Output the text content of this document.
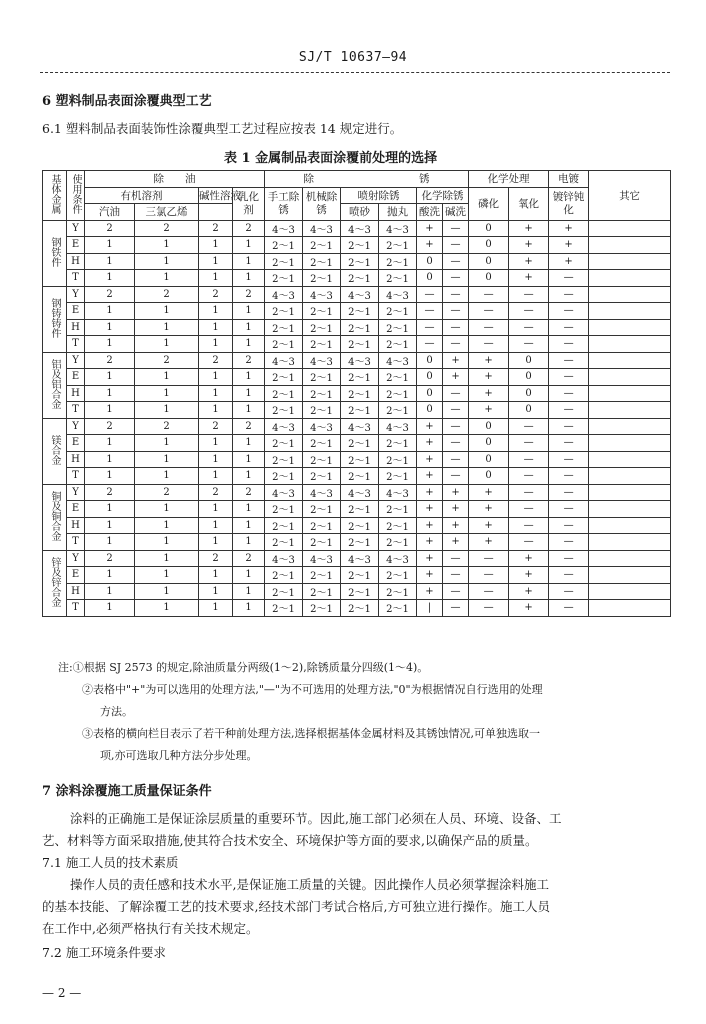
SJ/T 10637—94
6 塑料制品表面涂覆典型工艺
6.1 塑料制品表面装饰性涂覆典型工艺过程应按表 14 规定进行。
表 1 金属制品表面涂覆前处理的选择
基体金属	使用条件	除　　油				除　　　　　　　　　　锈						化学处理		电镀	其它
		有机溶剂		碱性溶液	乳化剂	手工除锈	机械除锈	喷射除锈		化学除锈		磷化	氧化	镀锌钝化	
		汽油	三氯乙烯					喷砂	抛丸	酸洗	碱洗				
钢铁件	Y	2	2	2	2	4～3	4～3	4～3	4～3	+	—	0	+	+	
	E	1	1	1	1	2～1	2～1	2～1	2～1	+	—	0	+	+	
	H	1	1	1	1	2～1	2～1	2～1	2～1	0	—	0	+	+	
	T	1	1	1	1	2～1	2～1	2～1	2～1	0	—	0	+	—	
钢铸铸件	Y	2	2	2	2	4～3	4～3	4～3	4～3	—	—	—	—	—	
	E	1	1	1	1	2～1	2～1	2～1	2～1	—	—	—	—	—	
	H	1	1	1	1	2～1	2～1	2～1	2～1	—	—	—	—	—	
	T	1	1	1	1	2～1	2～1	2～1	2～1	—	—	—	—	—	
铝及铝合金	Y	2	2	2	2	4～3	4～3	4～3	4～3	0	+	+	0	—	
	E	1	1	1	1	2～1	2～1	2～1	2～1	0	+	+	0	—	
	H	1	1	1	1	2～1	2～1	2～1	2～1	0	—	+	0	—	
	T	1	1	1	1	2～1	2～1	2～1	2～1	0	—	+	0	—	
镁合金	Y	2	2	2	2	4～3	4～3	4～3	4～3	+	—	0	—	—	
	E	1	1	1	1	2～1	2～1	2～1	2～1	+	—	0	—	—	
	H	1	1	1	1	2～1	2～1	2～1	2～1	+	—	0	—	—	
	T	1	1	1	1	2～1	2～1	2～1	2～1	+	—	0	—	—	
铜及铜合金	Y	2	2	2	2	4～3	4～3	4～3	4～3	+	+	+	—	—	
	E	1	1	1	1	2～1	2～1	2～1	2～1	+	+	+	—	—	
	H	1	1	1	1	2～1	2～1	2～1	2～1	+	+	+	—	—	
	T	1	1	1	1	2～1	2～1	2～1	2～1	+	+	+	—	—	
锌及锌合金	Y	2	1	2	2	4～3	4～3	4～3	4～3	+	—	—	+	—	
	E	1	1	1	1	2～1	2～1	2～1	2～1	+	—	—	+	—	
	H	1	1	1	1	2～1	2～1	2～1	2～1	+	—	—	+	—	
	T	1	1	1	1	2～1	2～1	2～1	2～1	|	—	—	+	—	
注:①根据 SJ 2573 的规定,除油质量分两级(1～2),除锈质量分四级(1～4)。
②表格中"+"为可以选用的处理方法,"—"为不可选用的处理方法,"0"为根据情况自行选用的处理
方法。
③表格的横向栏目表示了若干种前处理方法,选择根据基体金属材料及其锈蚀情况,可单独选取一
项,亦可选取几种方法分步处理。
7 涂料涂覆施工质量保证条件
涂料的正确施工是保证涂层质量的重要环节。因此,施工部门必须在人员、环境、设备、工
艺、材料等方面采取措施,使其符合技术安全、环境保护等方面的要求,以确保产品的质量。
7.1 施工人员的技术素质
操作人员的责任感和技术水平,是保证施工质量的关键。因此操作人员必须掌握涂料施工
的基本技能、了解涂覆工艺的技术要求,经技术部门考试合格后,方可独立进行操作。施工人员
在工作中,必须严格执行有关技术规定。
7.2 施工环境条件要求
— 2 —
